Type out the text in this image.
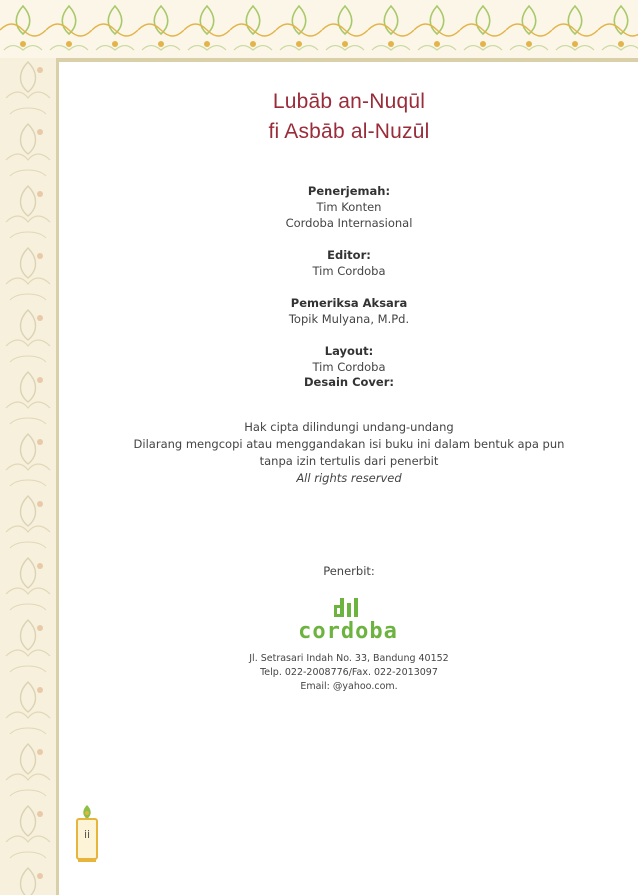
ii
Lubāb an-Nuqūl
fi Asbāb al-Nuzūl
Penerjemah:
Tim Konten
Cordoba Internasional
Editor:
Tim Cordoba
Pemeriksa Aksara
Topik Mulyana, M.Pd.
Layout:
Tim Cordoba
Desain Cover:
Hak cipta dilindungi undang-undang
Dilarang mengcopi atau menggandakan isi buku ini dalam bentuk apa pun
tanpa izin tertulis dari penerbit
All rights reserved
Penerbit:
cordoba
Jl. Setrasari Indah No. 33, Bandung 40152
Telp. 022-2008776/Fax. 022-2013097
Email: @yahoo.com.
